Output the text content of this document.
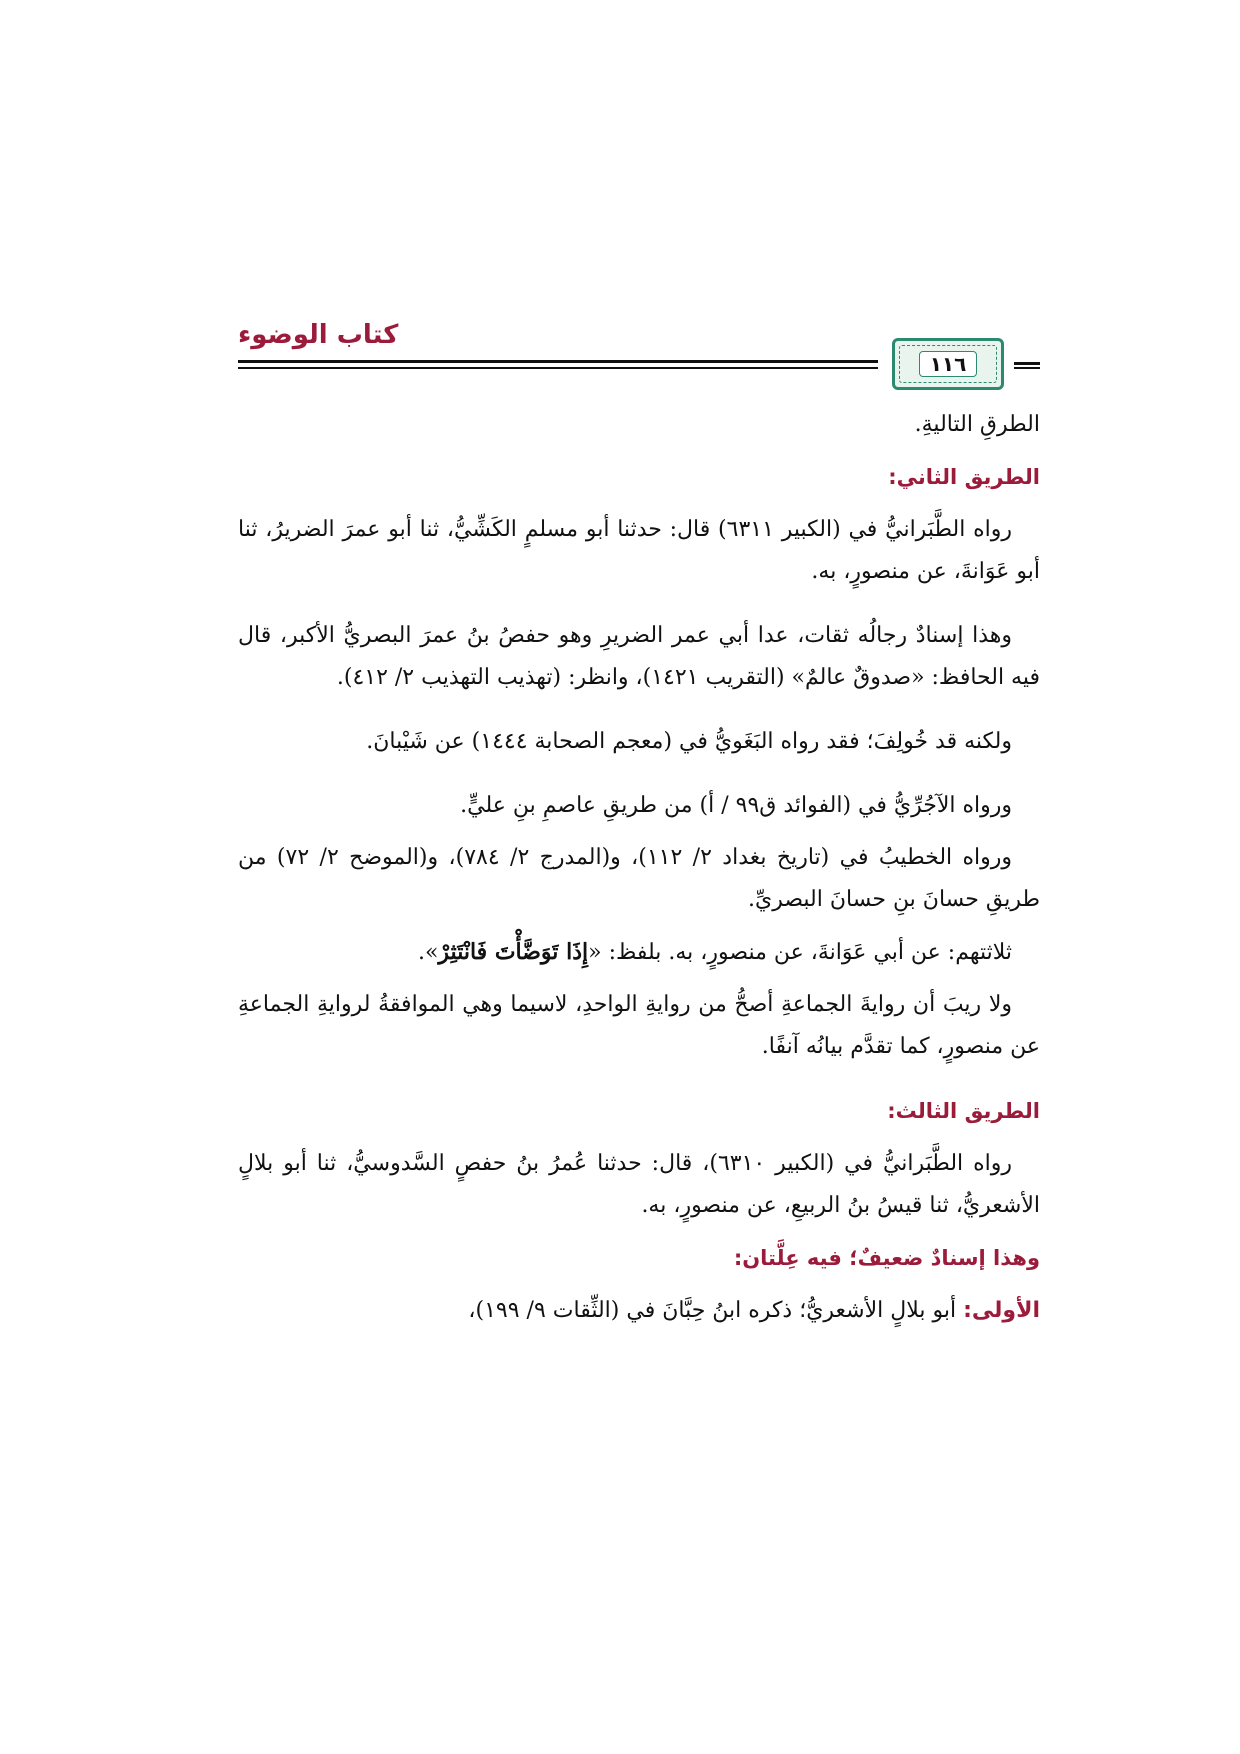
كتاب الوضوء
١١٦

الطرقِ التاليةِ.

الطريق الثاني:

رواه الطَّبَرانيُّ في (الكبير ٦٣١١) قال: حدثنا أبو مسلمٍ الكَشِّيُّ، ثنا أبو عمرَ الضريرُ، ثنا أبو عَوَانةَ، عن منصورٍ، به.

وهذا إسنادٌ رجالُه ثقات، عدا أبي عمر الضريرِ وهو حفصُ بنُ عمرَ البصريُّ الأكبر، قال فيه الحافظ: «صدوقٌ عالمٌ» (التقريب ١٤٢١)، وانظر: (تهذيب التهذيب ٢/ ٤١٢).

ولكنه قد خُولِفَ؛ فقد رواه البَغَويُّ في (معجم الصحابة ١٤٤٤) عن شَيْبانَ.

ورواه الآجُرِّيُّ في (الفوائد ق٩٩ / أ) من طريقِ عاصمِ بنِ عليٍّ.

ورواه الخطيبُ في (تاريخ بغداد ٢/ ١١٢)، و(المدرج ٢/ ٧٨٤)، و(الموضح ٢/ ٧٢) من طريقِ حسانَ بنِ حسانَ البصريِّ.

ثلاثتهم: عن أبي عَوَانةَ، عن منصورٍ، به. بلفظ: «إِذَا تَوَضَّأْتَ فَانْتَثِرْ».

ولا ريبَ أن روايةَ الجماعةِ أصحُّ من روايةِ الواحدِ، لاسيما وهي الموافقةُ لروايةِ الجماعةِ عن منصورٍ، كما تقدَّم بيانُه آنفًا.

الطريق الثالث:

رواه الطَّبَرانيُّ في (الكبير ٦٣١٠)، قال: حدثنا عُمرُ بنُ حفصٍ السَّدوسيُّ، ثنا أبو بلالٍ الأشعريُّ، ثنا قيسُ بنُ الربيعِ، عن منصورٍ، به.

وهذا إسنادٌ ضعيفٌ؛ فيه عِلَّتان:

الأولى: أبو بلالٍ الأشعريُّ؛ ذكره ابنُ حِبَّانَ في (الثِّقات ٩/ ١٩٩)،
